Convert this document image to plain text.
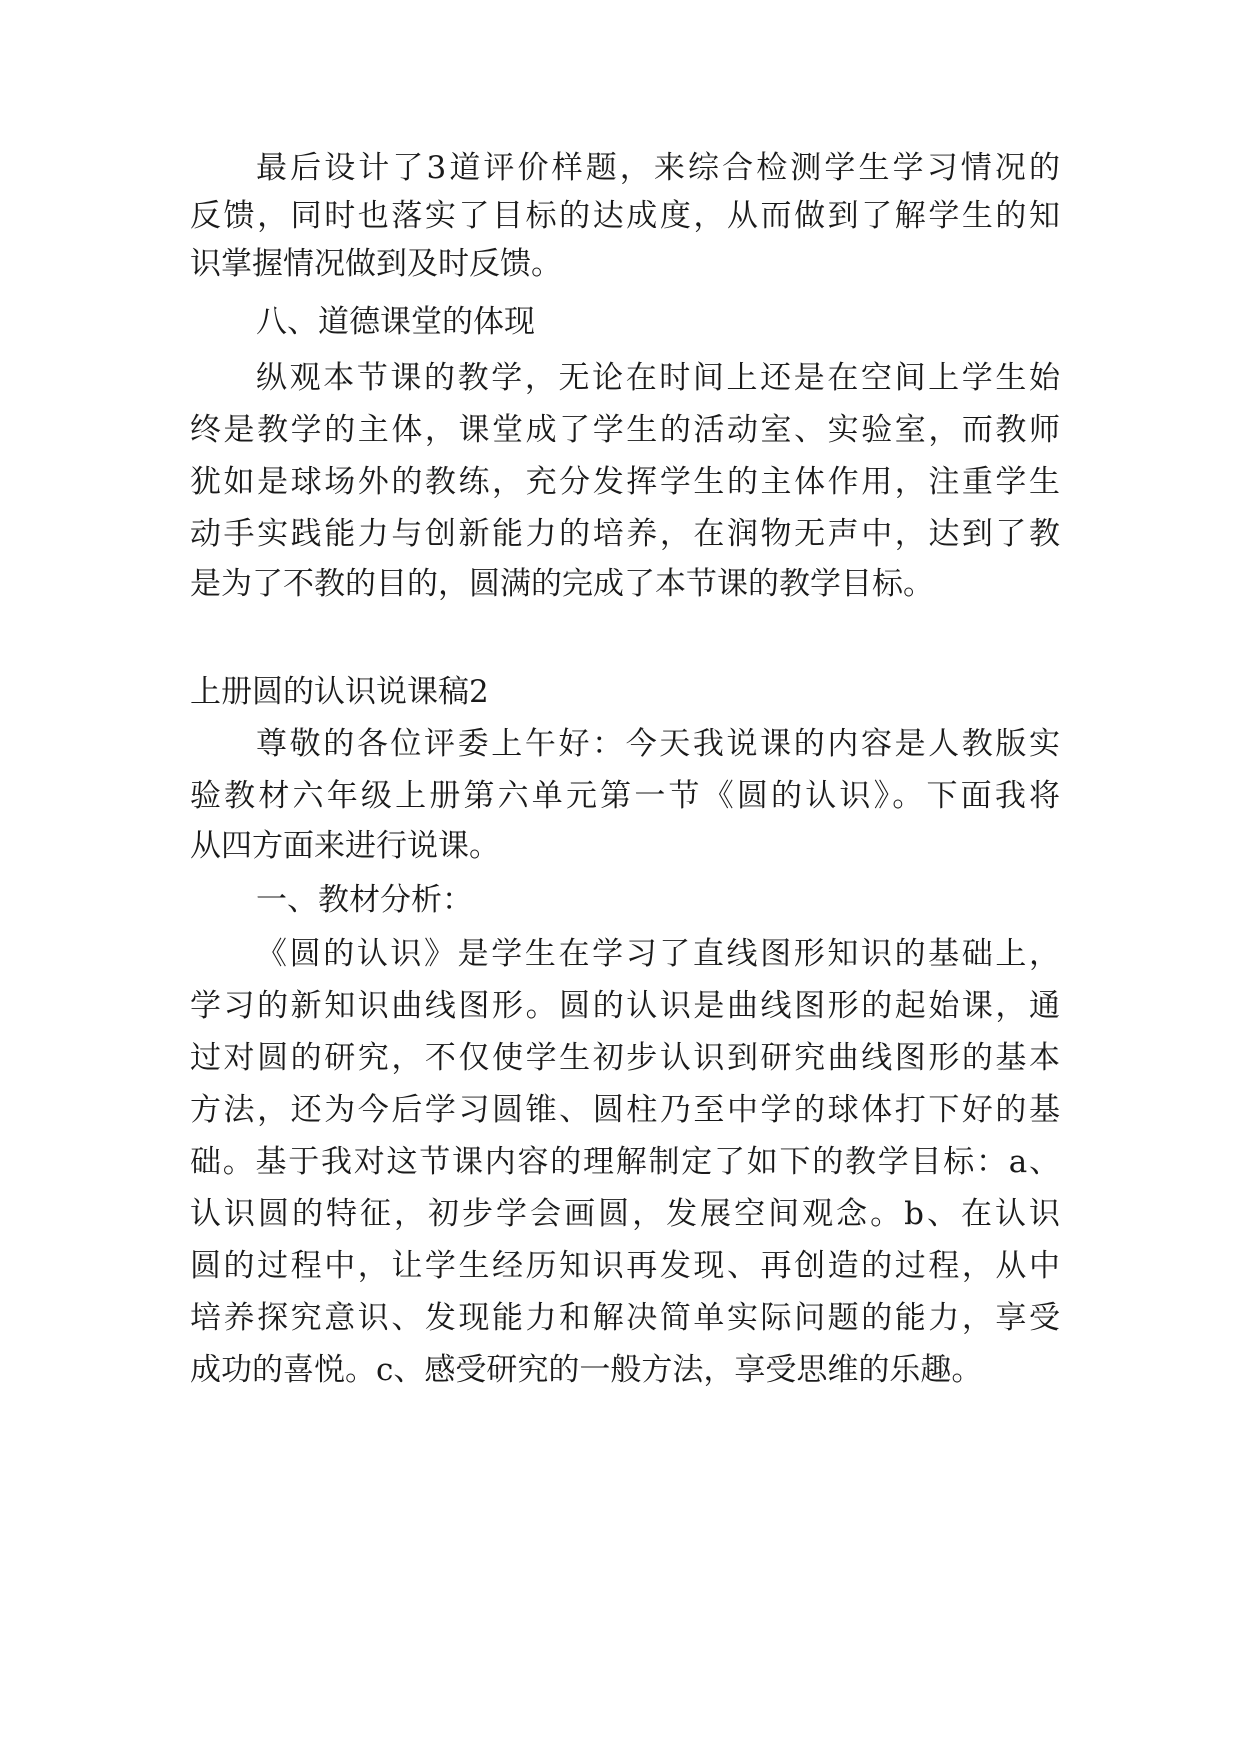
最后设计了3道评价样题，来综合检测学生学习情况的
反馈，同时也落实了目标的达成度，从而做到了解学生的知
识掌握情况做到及时反馈。
八、道德课堂的体现
纵观本节课的教学，无论在时间上还是在空间上学生始
终是教学的主体，课堂成了学生的活动室、实验室，而教师
犹如是球场外的教练，充分发挥学生的主体作用，注重学生
动手实践能力与创新能力的培养，在润物无声中，达到了教
是为了不教的目的，圆满的完成了本节课的教学目标。
上册圆的认识说课稿2
尊敬的各位评委上午好：今天我说课的内容是人教版实
验教材六年级上册第六单元第一节《圆的认识》。下面我将
从四方面来进行说课。
一、教材分析：
《圆的认识》是学生在学习了直线图形知识的基础上，
学习的新知识曲线图形。圆的认识是曲线图形的起始课，通
过对圆的研究，不仅使学生初步认识到研究曲线图形的基本
方法，还为今后学习圆锥、圆柱乃至中学的球体打下好的基
础。基于我对这节课内容的理解制定了如下的教学目标：a、
认识圆的特征，初步学会画圆，发展空间观念。b、在认识
圆的过程中，让学生经历知识再发现、再创造的过程，从中
培养探究意识、发现能力和解决简单实际问题的能力，享受
成功的喜悦。c、感受研究的一般方法，享受思维的乐趣。
